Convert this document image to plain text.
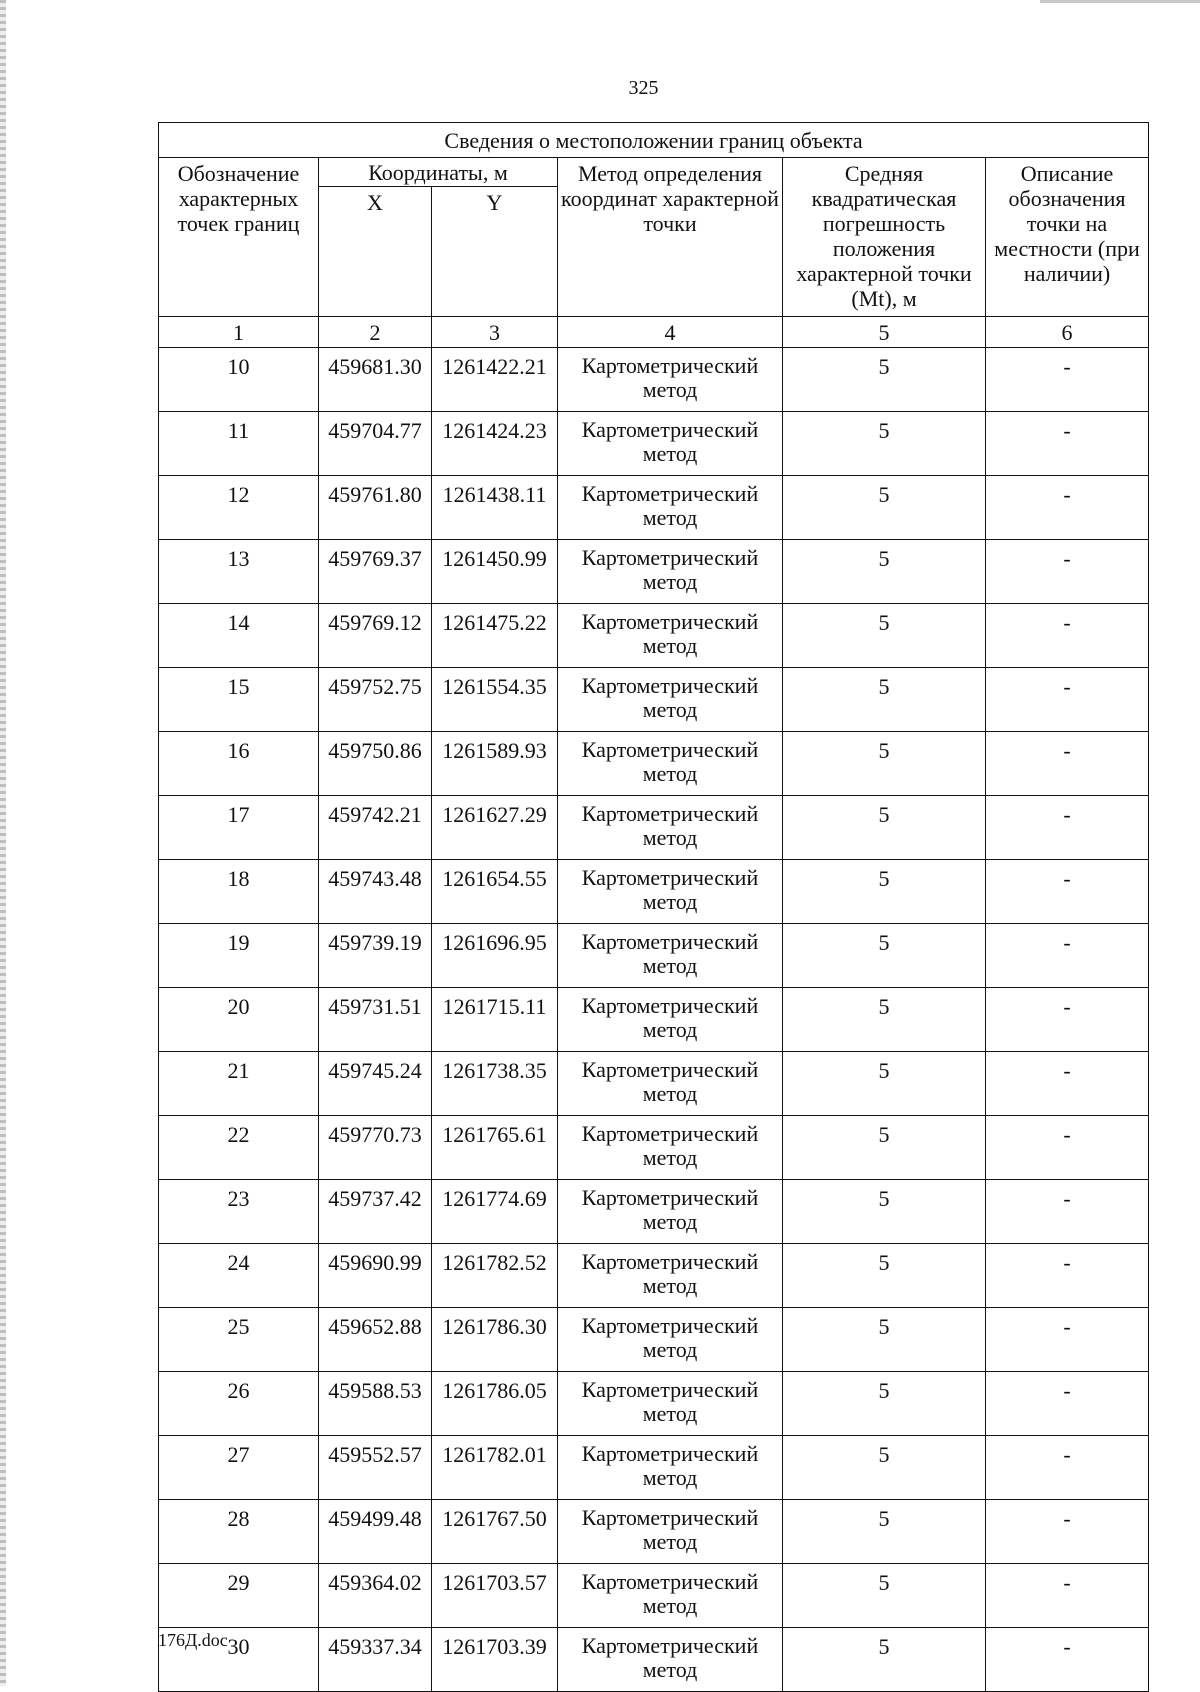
325
Сведения о местоположении границ объекта					
Обозначение характерных точек границ	Координаты, м		Метод определения координат характерной точки	Средняя квадратическая погрешность положения характерной точки (Mt), м	Описание обозначения точки на местности (при наличии)
	X	Y			
1	2	3	4	5	6
10	459681.30	1261422.21	Картометрический метод	5	-
11	459704.77	1261424.23	Картометрический метод	5	-
12	459761.80	1261438.11	Картометрический метод	5	-
13	459769.37	1261450.99	Картометрический метод	5	-
14	459769.12	1261475.22	Картометрический метод	5	-
15	459752.75	1261554.35	Картометрический метод	5	-
16	459750.86	1261589.93	Картометрический метод	5	-
17	459742.21	1261627.29	Картометрический метод	5	-
18	459743.48	1261654.55	Картометрический метод	5	-
19	459739.19	1261696.95	Картометрический метод	5	-
20	459731.51	1261715.11	Картометрический метод	5	-
21	459745.24	1261738.35	Картометрический метод	5	-
22	459770.73	1261765.61	Картометрический метод	5	-
23	459737.42	1261774.69	Картометрический метод	5	-
24	459690.99	1261782.52	Картометрический метод	5	-
25	459652.88	1261786.30	Картометрический метод	5	-
26	459588.53	1261786.05	Картометрический метод	5	-
27	459552.57	1261782.01	Картометрический метод	5	-
28	459499.48	1261767.50	Картометрический метод	5	-
29	459364.02	1261703.57	Картометрический метод	5	-
30	459337.34	1261703.39	Картометрический метод	5	-
176Д.doc
